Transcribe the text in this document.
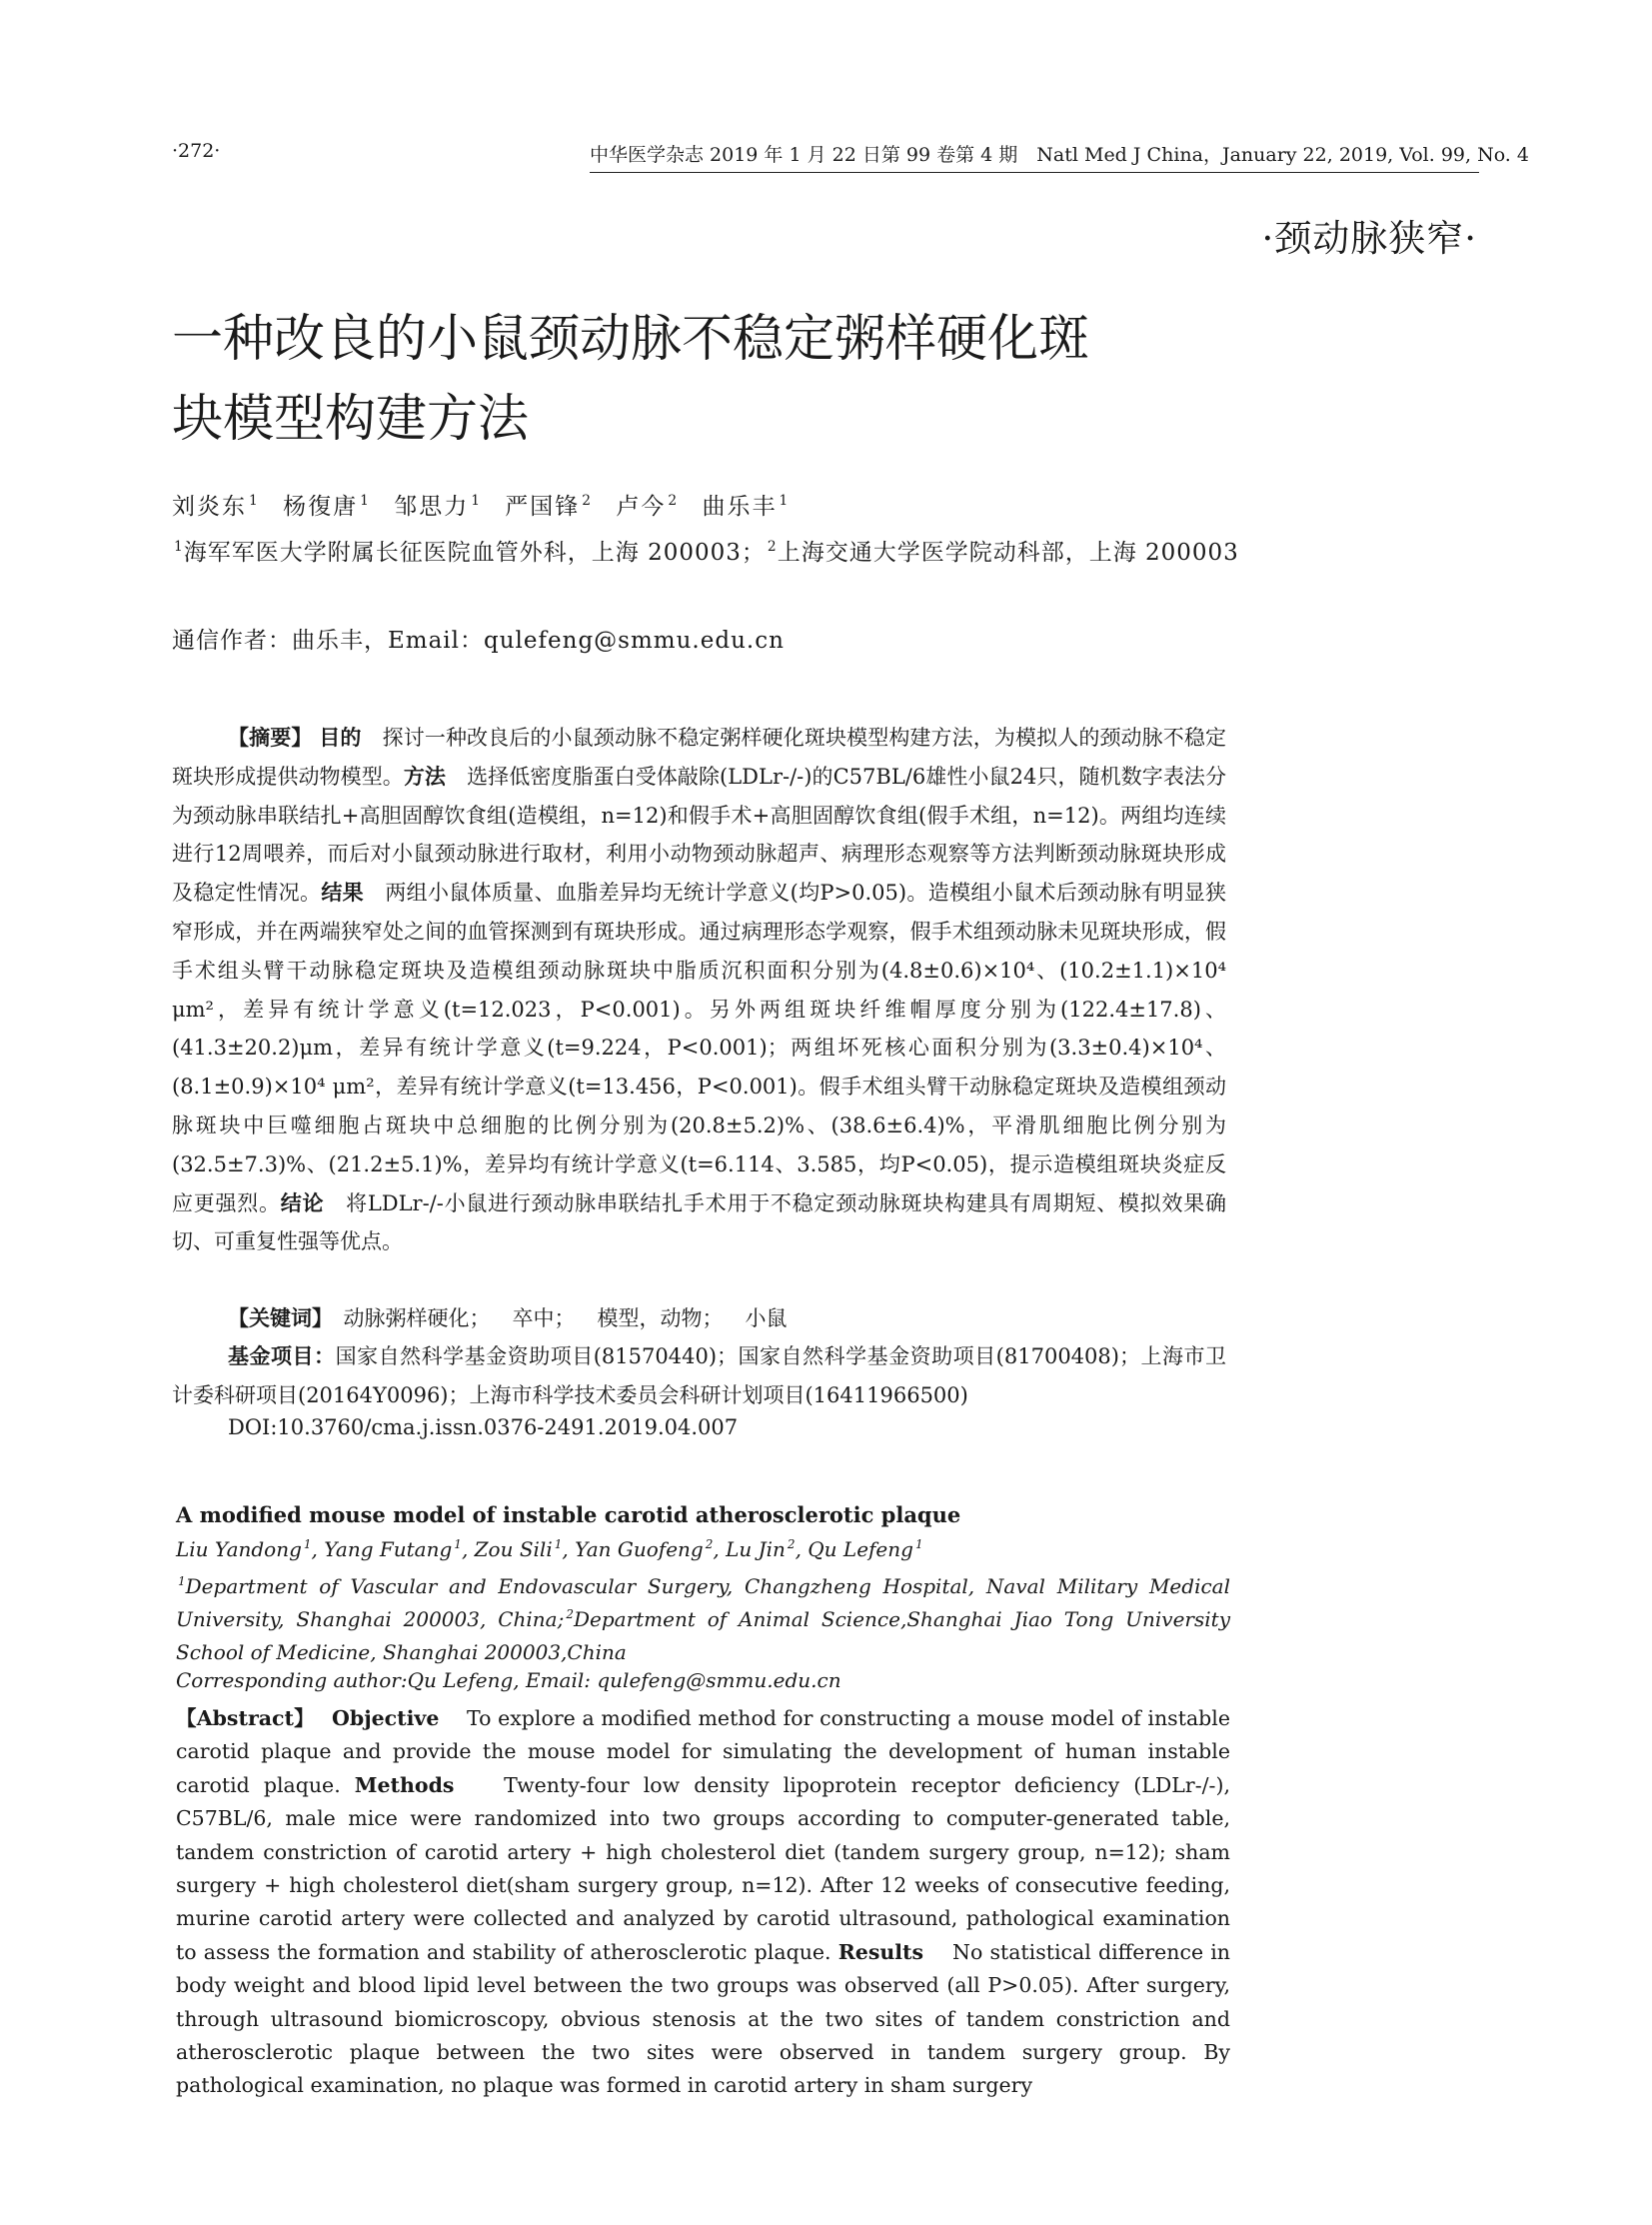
·272·	中华医学杂志 2019 年 1 月 22 日第 99 卷第 4 期　Natl Med J China，January 22, 2019, Vol. 99, No. 4
·颈动脉狭窄·
一种改良的小鼠颈动脉不稳定粥样硬化斑
块模型构建方法
刘炎东 $^1$ 杨復唐 $^1$ 邹思力 $^1$ 严国锋 $^2$ 卢今 $^2$ 曲乐丰 $^1$
$^1$海军军医大学附属长征医院血管外科，上海 200003； $^2$上海交通大学医学院动科部，上海 200003
通信作者：曲乐丰，Email：qulefeng@smmu.edu.cn
【摘要】 目的　 探讨一种改良后的小鼠颈动脉不稳定粥样硬化斑块模型构建方法，为模拟人的颈动脉不稳定斑块形成提供动物模型。方法　 选择低密度脂蛋白受体敲除(LDLr-/-)的C57BL/6雄性小鼠24只，随机数字表法分为颈动脉串联结扎+高胆固醇饮食组(造模组，n=12)和假手术+高胆固醇饮食组(假手术组，n=12)。两组均连续进行12周喂养，而后对小鼠颈动脉进行取材，利用小动物颈动脉超声、病理形态观察等方法判断颈动脉斑块形成及稳定性情况。结果　 两组小鼠体质量、血脂差异均无统计学意义(均P>0.05)。造模组小鼠术后颈动脉有明显狭窄形成，并在两端狭窄处之间的血管探测到有斑块形成。通过病理形态学观察，假手术组颈动脉未见斑块形成，假手术组头臂干动脉稳定斑块及造模组颈动脉斑块中脂质沉积面积分别为(4.8±0.6)×10⁴、(10.2±1.1)×10⁴ μm²，差异有统计学意义(t=12.023，P<0.001)。另外两组斑块纤维帽厚度分别为(122.4±17.8)、(41.3±20.2)μm，差异有统计学意义(t=9.224，P<0.001)；两组坏死核心面积分别为(3.3±0.4)×10⁴、(8.1±0.9)×10⁴ μm²，差异有统计学意义(t=13.456，P<0.001)。假手术组头臂干动脉稳定斑块及造模组颈动脉斑块中巨噬细胞占斑块中总细胞的比例分别为(20.8±5.2)%、(38.6±6.4)%，平滑肌细胞比例分别为(32.5±7.3)%、(21.2±5.1)%，差异均有统计学意义(t=6.114、3.585，均P<0.05)，提示造模组斑块炎症反应更强烈。结论　 将LDLr-/-小鼠进行颈动脉串联结扎手术用于不稳定颈动脉斑块构建具有周期短、模拟效果确切、可重复性强等优点。
【关键词】　 动脉粥样硬化； 卒中； 模型，动物； 小鼠
基金项目：国家自然科学基金资助项目(81570440)；国家自然科学基金资助项目(81700408)；上海市卫计委科研项目(20164Y0096)；上海市科学技术委员会科研计划项目(16411966500)
DOI:10.3760/cma.j.issn.0376-2491.2019.04.007
A modified mouse model of instable carotid atherosclerotic plaque
Liu Yandong $^1$, Yang Futang $^1$, Zou Sili $^1$, Yan Guofeng $^2$, Lu Jin $^2$, Qu Lefeng $^1$
$^1$Department of Vascular and Endovascular Surgery, Changzheng Hospital, Naval Military Medical University, Shanghai 200003, China; $^2$Department of Animal Science,Shanghai Jiao Tong University School of Medicine, Shanghai 200003,China
Corresponding author:Qu Lefeng, Email: qulefeng@smmu.edu.cn
【Abstract】　 Objective　 To explore a modified method for constructing a mouse model of instable carotid plaque and provide the mouse model for simulating the development of human instable carotid plaque. Methods　 Twenty-four low density lipoprotein receptor deficiency (LDLr-/-), C57BL/6, male mice were randomized into two groups according to computer-generated table, tandem constriction of carotid artery + high cholesterol diet (tandem surgery group, n=12); sham surgery + high cholesterol diet(sham surgery group, n=12). After 12 weeks of consecutive feeding, murine carotid artery were collected and analyzed by carotid ultrasound, pathological examination to assess the formation and stability of atherosclerotic plaque. Results　 No statistical difference in body weight and blood lipid level between the two groups was observed (all P>0.05). After surgery, through ultrasound biomicroscopy, obvious stenosis at the two sites of tandem constriction and atherosclerotic plaque between the two sites were observed in tandem surgery group. By pathological examination, no plaque was formed in carotid artery in sham surgery
